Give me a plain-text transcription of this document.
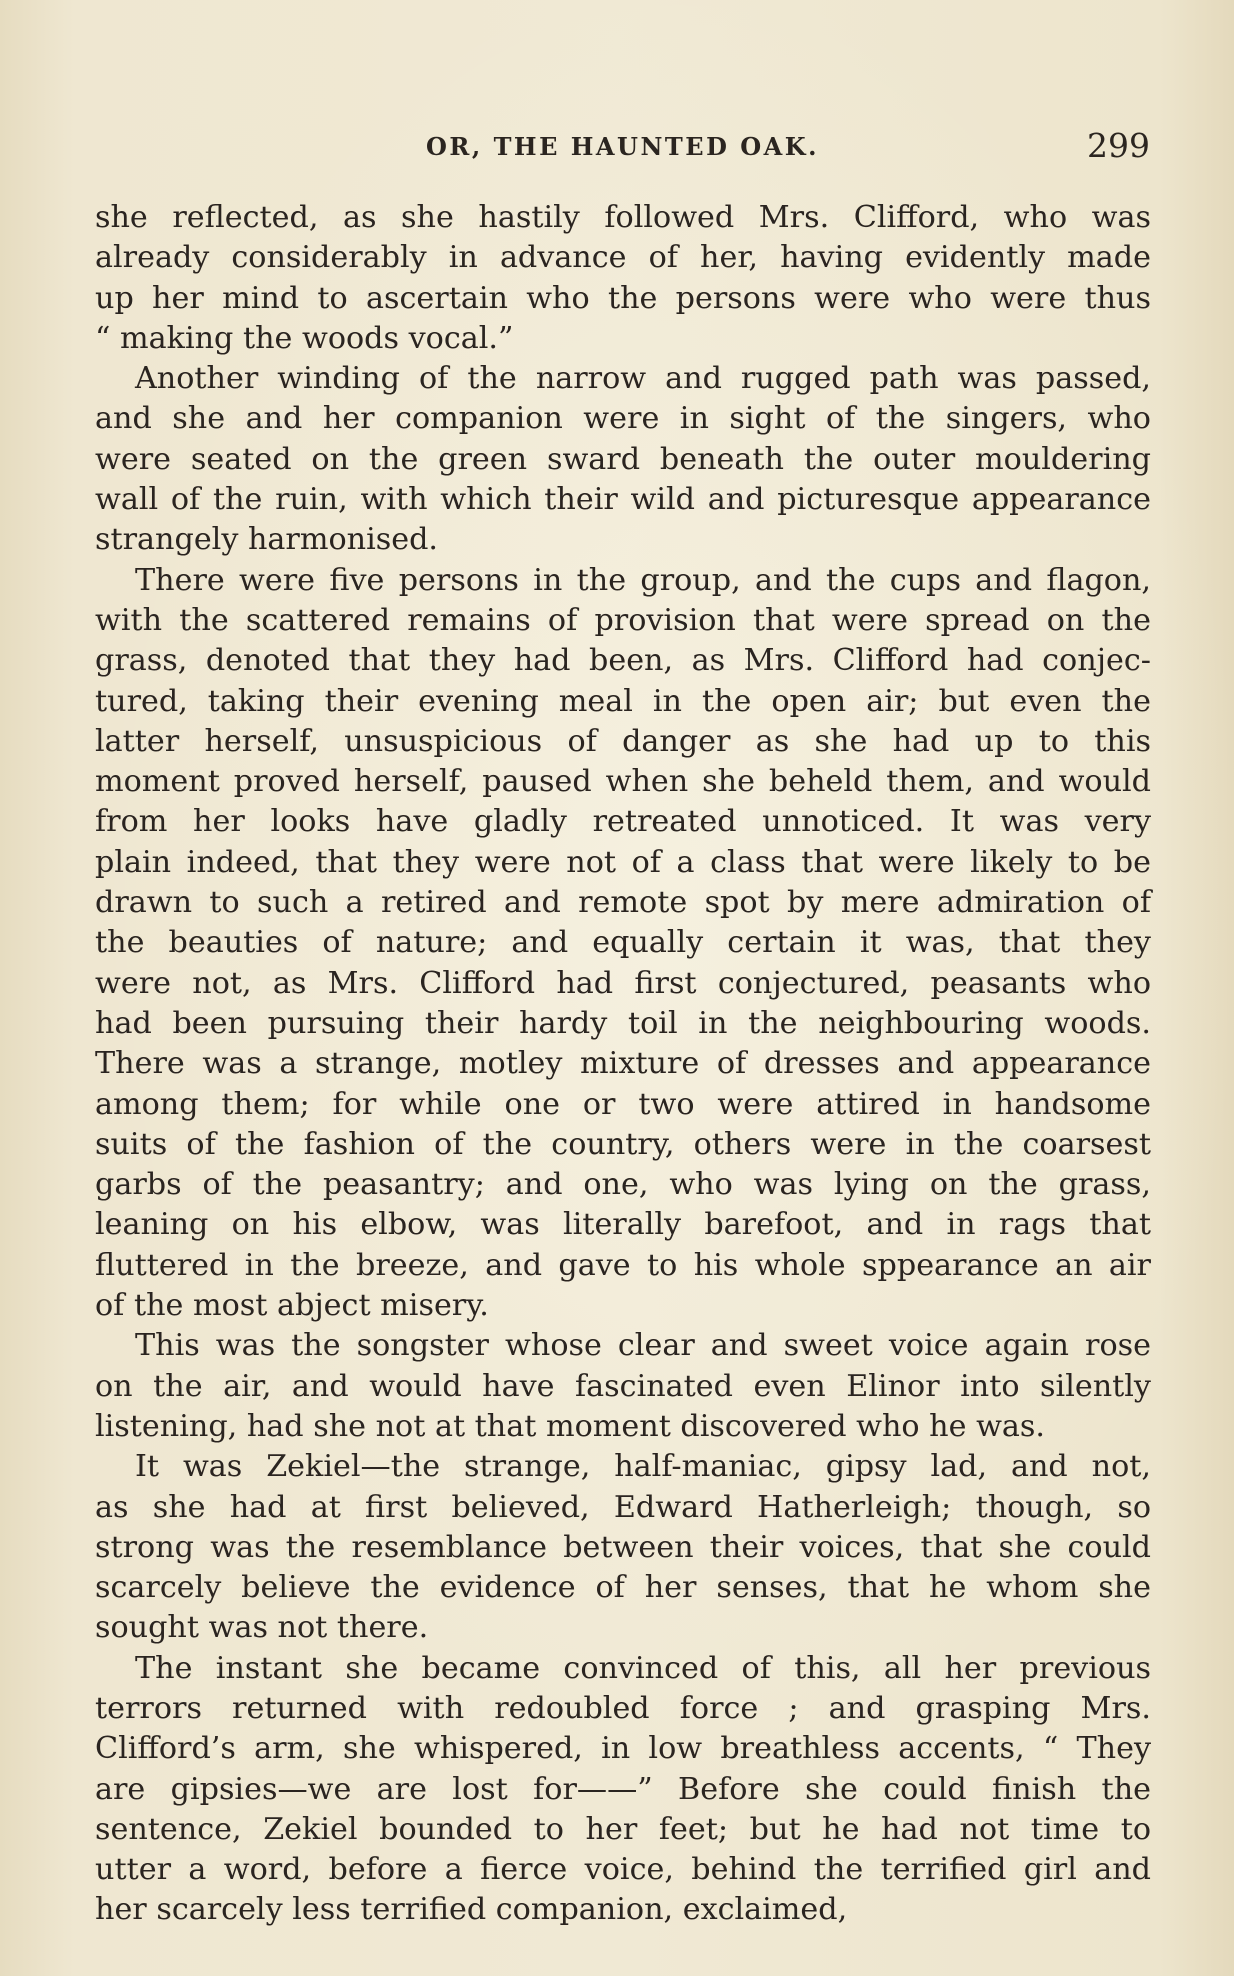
OR, THE HAUNTED OAK.	299
she reflected, as she hastily followed Mrs. Clifford, who was
already considerably in advance of her, having evidently made
up her mind to ascertain who the persons were who were thus
“ making the woods vocal.”
Another winding of the narrow and rugged path was passed,
and she and her companion were in sight of the singers, who
were seated on the green sward beneath the outer mouldering
wall of the ruin, with which their wild and picturesque appearance
strangely harmonised.
There were five persons in the group, and the cups and flagon,
with the scattered remains of provision that were spread on the
grass, denoted that they had been, as Mrs. Clifford had conjec-
tured, taking their evening meal in the open air; but even the
latter herself, unsuspicious of danger as she had up to this
moment proved herself, paused when she beheld them, and would
from her looks have gladly retreated unnoticed. It was very
plain indeed, that they were not of a class that were likely to be
drawn to such a retired and remote spot by mere admiration of
the beauties of nature; and equally certain it was, that they
were not, as Mrs. Clifford had first conjectured, peasants who
had been pursuing their hardy toil in the neighbouring woods.
There was a strange, motley mixture of dresses and appearance
among them; for while one or two were attired in handsome
suits of the fashion of the country, others were in the coarsest
garbs of the peasantry; and one, who was lying on the grass,
leaning on his elbow, was literally barefoot, and in rags that
fluttered in the breeze, and gave to his whole sppearance an air
of the most abject misery.
This was the songster whose clear and sweet voice again rose
on the air, and would have fascinated even Elinor into silently
listening, had she not at that moment discovered who he was.
It was Zekiel—the strange, half-maniac, gipsy lad, and not,
as she had at first believed, Edward Hatherleigh; though, so
strong was the resemblance between their voices, that she could
scarcely believe the evidence of her senses, that he whom she
sought was not there.
The instant she became convinced of this, all her previous
terrors returned with redoubled force ; and grasping Mrs.
Clifford’s arm, she whispered, in low breathless accents, “ They
are gipsies—we are lost for——” Before she could finish the
sentence, Zekiel bounded to her feet; but he had not time to
utter a word, before a fierce voice, behind the terrified girl and
her scarcely less terrified companion, exclaimed,
